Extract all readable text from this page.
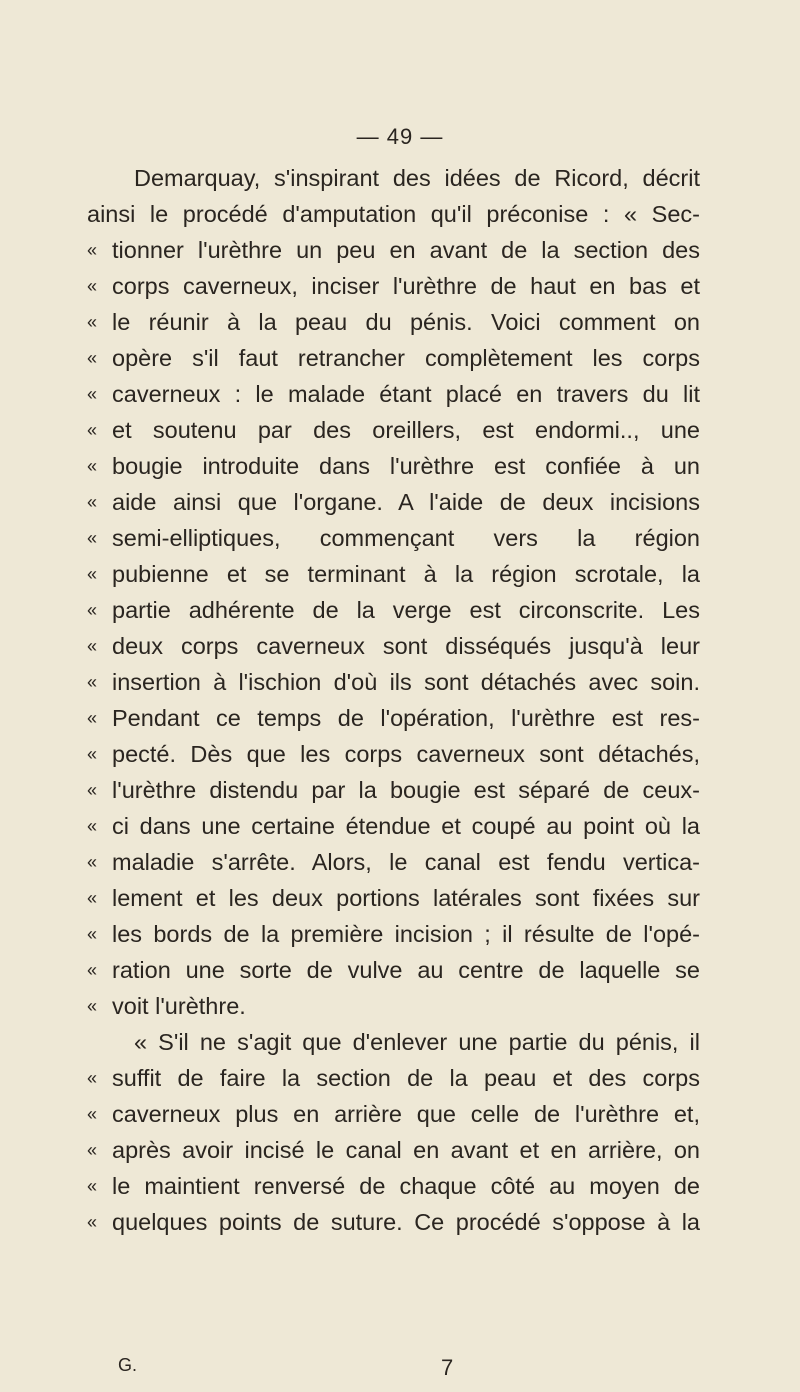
— 49 —
Demarquay, s'inspirant des idées de Ricord, décrit
ainsi le procédé d'amputation qu'il préconise : « Sec-
« tionner l'urèthre un peu en avant de la section des
« corps caverneux, inciser l'urèthre de haut en bas et
« le réunir à la peau du pénis. Voici comment on
« opère s'il faut retrancher complètement les corps
« caverneux : le malade étant placé en travers du lit
« et soutenu par des oreillers, est endormi.., une
« bougie introduite dans l'urèthre est confiée à un
« aide ainsi que l'organe. A l'aide de deux incisions
« semi-elliptiques, commençant vers la région
« pubienne et se terminant à la région scrotale, la
« partie adhérente de la verge est circonscrite. Les
« deux corps caverneux sont disséqués jusqu'à leur
« insertion à l'ischion d'où ils sont détachés avec soin.
« Pendant ce temps de l'opération, l'urèthre est res-
« pecté. Dès que les corps caverneux sont détachés,
« l'urèthre distendu par la bougie est séparé de ceux-
« ci dans une certaine étendue et coupé au point où la
« maladie s'arrête. Alors, le canal est fendu vertica-
« lement et les deux portions latérales sont fixées sur
« les bords de la première incision ; il résulte de l'opé-
« ration une sorte de vulve au centre de laquelle se
« voit l'urèthre.
« S'il ne s'agit que d'enlever une partie du pénis, il
« suffit de faire la section de la peau et des corps
« caverneux plus en arrière que celle de l'urèthre et,
« après avoir incisé le canal en avant et en arrière, on
« le maintient renversé de chaque côté au moyen de
« quelques points de suture. Ce procédé s'oppose à la
G.	7
